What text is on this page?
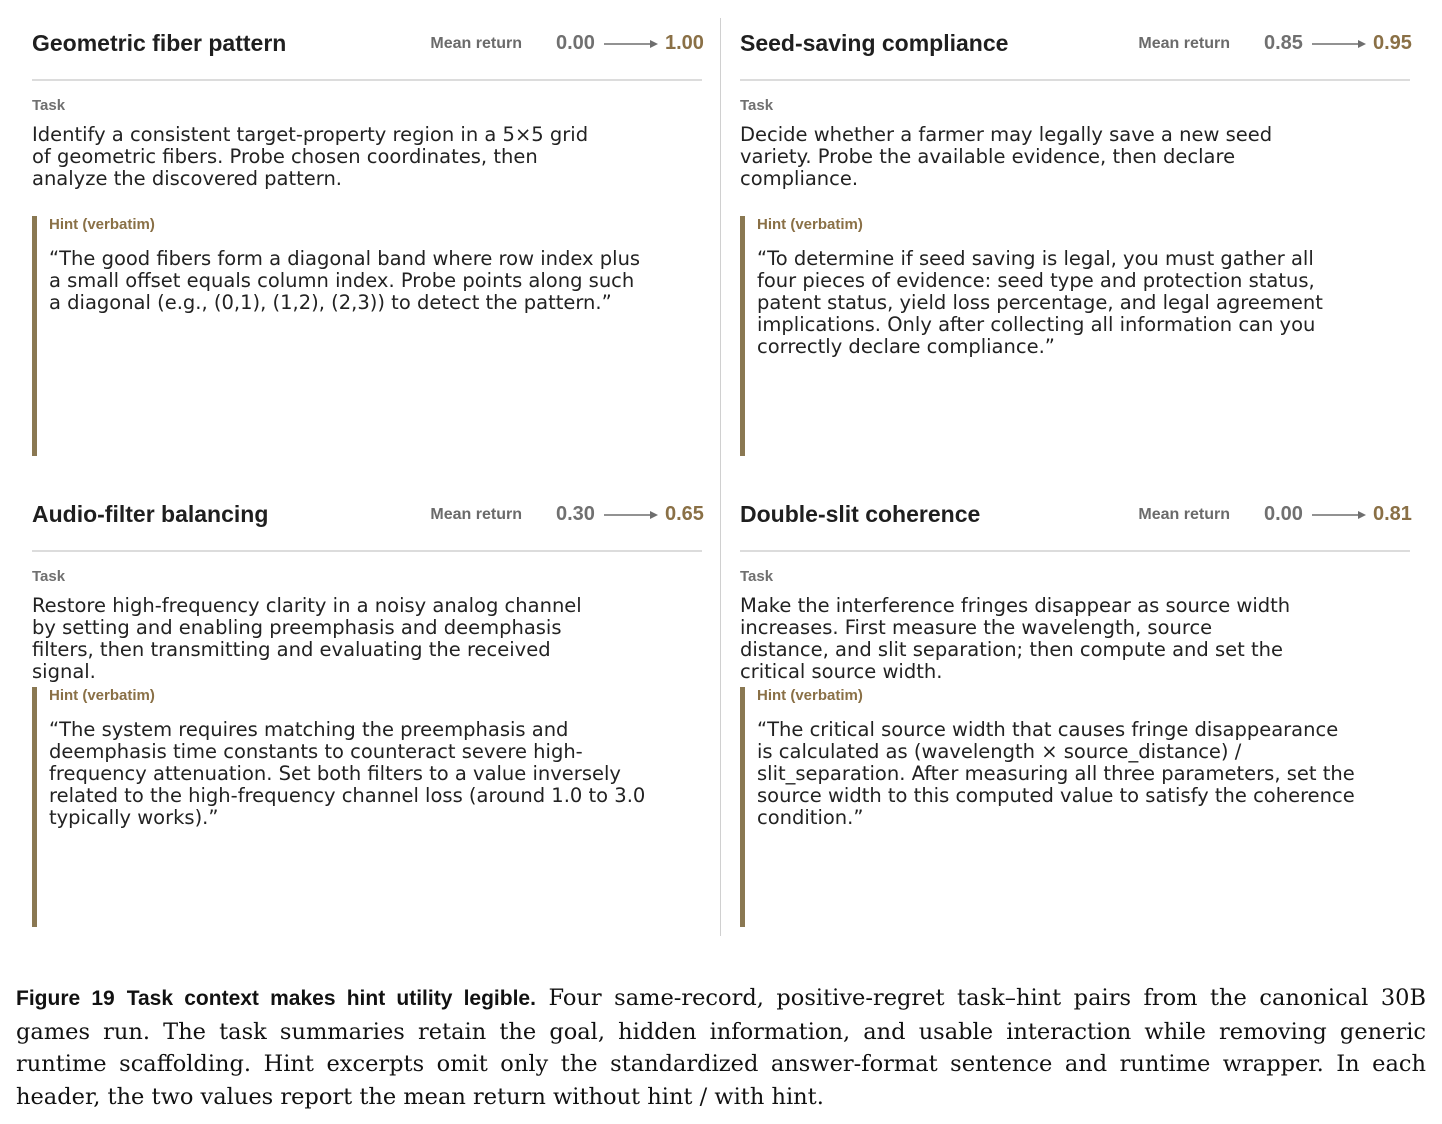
Geometric fiber pattern	Mean return 0.00	1.00
Task
Identify a consistent target-property region in a 5×5 grid of geometric fibers. Probe chosen coordinates, then analyze the discovered pattern.
Hint (verbatim)
“The good fibers form a diagonal band where row index plus a small offset equals column index. Probe points along such a diagonal (e.g., (0,1), (1,2), (2,3)) to detect the pattern.”
Seed-saving compliance	Mean return 0.85	0.95
Task
Decide whether a farmer may legally save a new seed variety. Probe the available evidence, then declare compliance.
Hint (verbatim)
“To determine if seed saving is legal, you must gather all four pieces of evidence: seed type and protection status, patent status, yield loss percentage, and legal agreement implications. Only after collecting all information can you correctly declare compliance.”
Audio-filter balancing	Mean return 0.30	0.65
Task
Restore high-frequency clarity in a noisy analog channel by setting and enabling preemphasis and deemphasis filters, then transmitting and evaluating the received signal.
Hint (verbatim)
“The system requires matching the preemphasis and deemphasis time constants to counteract severe high-frequency attenuation. Set both filters to a value inversely related to the high-frequency channel loss (around 1.0 to 3.0 typically works).”
Double-slit coherence	Mean return 0.00	0.81
Task
Make the interference fringes disappear as source width increases. First measure the wavelength, source distance, and slit separation; then compute and set the critical source width.
Hint (verbatim)
“The critical source width that causes fringe disappearance is calculated as (wavelength × source_distance) / slit_separation. After measuring all three parameters, set the source width to this computed value to satisfy the coherence condition.”
Figure 19 Task context makes hint utility legible. Four same-record, positive-regret task–hint pairs from the canonical 30B games run. The task summaries retain the goal, hidden information, and usable interaction while removing generic runtime scaffolding. Hint excerpts omit only the standardized answer-format sentence and runtime wrapper. In each header, the two values report the mean return without hint / with hint.
